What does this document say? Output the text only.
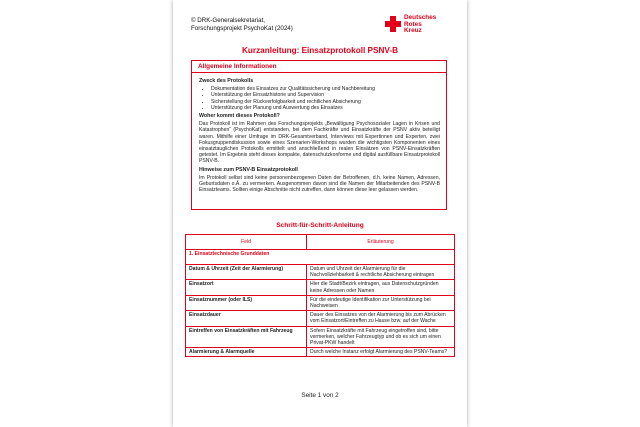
© DRK-Generalsekretariat,
Forschungsprojekt PsychoKat (2024)
Deutsches
Rotes
Kreuz
Kurzanleitung: Einsatzprotokoll PSNV-B
Allgemeine Informationen
Zweck des Protokolls
• Dokumentation des Einsatzes zur Qualitätssicherung und Nachbereitung
• Unterstützung der Einsatzhistorie und Supervision
• Sicherstellung der Rückverfolgbarkeit und rechtlichen Absicherung
• Unterstützung der Planung und Auswertung des Einsatzes
Woher kommt dieses Protokoll?

Das Protokoll ist im Rahmen des Forschungsprojekts „Bewältigung Psychosozialer Lagen in Krisen und Katastrophen“ (PsychoKat) entstanden, bei dem Fachkräfte und Einsatzkräfte der PSNV aktiv beteiligt waren. Mithilfe einer Umfrage im DRK-Gesamtverband, Interviews mit Expertinnen und Experten, zwei Fokusgruppendiskussion sowie eines Szenarien-Workshops wurden die wichtigsten Komponenten eines einsatztauglichen Protokolls ermittelt und anschließend in realen Einsätzen von PSNV-Einsatzkräften getestet. Im Ergebnis steht dieses kompakte, datenschutzkonforme und digital ausfüllbare Einsatzprotokoll PSNV-B.

Hinweise zum PSNV-B Einsatzprotokoll

Im Protokoll selbst sind keine personenbezogenen Daten der Betroffenen, d.h. keine Namen, Adressen, Geburtsdaten o.Ä. zu vermerken. Ausgenommen davon sind die Namen der Mitarbeitenden des PSNV-B Einsatzteams. Sollten einige Abschnitte nicht zutreffen, dann können diese leer gelassen werden.

Schritt-für-Schritt-Anleitung
Feld	Erläuterung
1. Einsatztechnische Grunddaten	
Datum & Uhrzeit (Zeit der Alarmierung)	Datum und Uhrzeit der Alarmierung für die Nachvollziehbarkeit & rechtliche Absicherung eintragen
Einsatzort	Hier die Stadt/Bezirk eintragen, aus Datenschutzgründen keine Adressen oder Namen
Einsatznummer (oder ILS)	Für die eindeutige Identifikation zur Unterstützung bei Nachweisen
Einsatzdauer	Dauer des Einsatzes von der Alarmierung bis zum Abrücken vom Einsatzort/Eintreffen zu Hause bzw. auf der Wache
Eintreffen von Einsatzkräften mit Fahrzeug	Sofern Einsatzkräfte mit Fahrzeug eingetroffen sind, bitte vermerken, welcher Fahrzeugtyp und ob es sich um einen Privat-PKW handelt
Alarmierung & Alarmquelle	Durch welche Instanz erfolgt Alarmierung des PSNV-Teams?
Seite 1 von 2
